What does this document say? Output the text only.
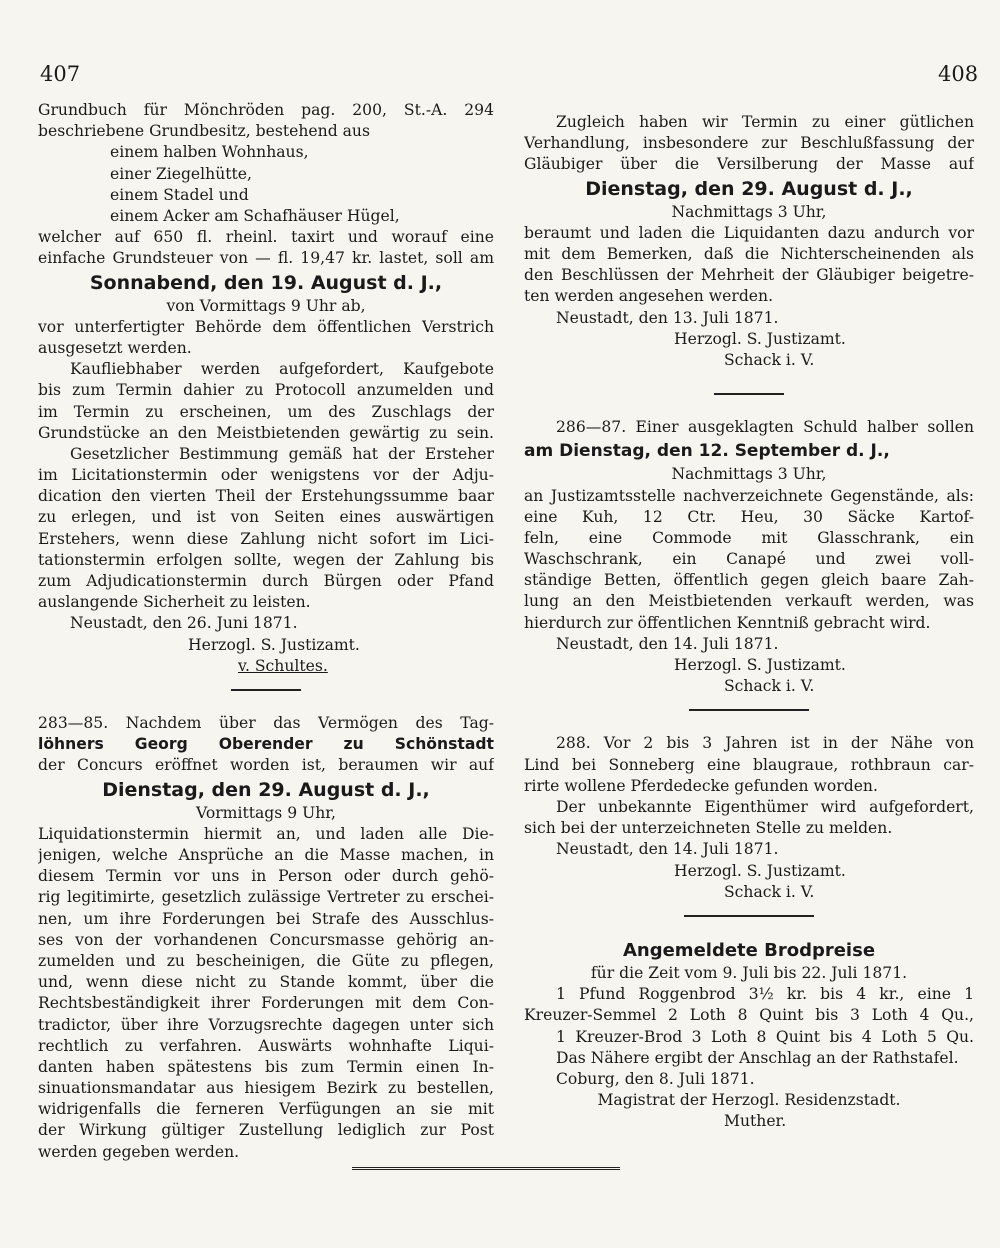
407	408
Grundbuch für Mönchröden pag. 200, St.-A. 294
beschriebene Grundbesitz, bestehend aus
einem halben Wohnhaus,
einer Ziegelhütte,
einem Stadel und
einem Acker am Schafhäuser Hügel,
welcher auf 650 fl. rheinl. taxirt und worauf eine
einfache Grundsteuer von — fl. 19,47 kr. lastet, soll am
Sonnabend, den 19. August d. J.,
von Vormittags 9 Uhr ab,
vor unterfertigter Behörde dem öffentlichen Verstrich
ausgesetzt werden.
Kaufliebhaber werden aufgefordert, Kaufgebote
bis zum Termin dahier zu Protocoll anzumelden und
im Termin zu erscheinen, um des Zuschlags der
Grundstücke an den Meistbietenden gewärtig zu sein.
Gesetzlicher Bestimmung gemäß hat der Ersteher
im Licitationstermin oder wenigstens vor der Adju-
dication den vierten Theil der Erstehungssumme baar
zu erlegen, und ist von Seiten eines auswärtigen
Erstehers, wenn diese Zahlung nicht sofort im Lici-
tationstermin erfolgen sollte, wegen der Zahlung bis
zum Adjudicationstermin durch Bürgen oder Pfand
auslangende Sicherheit zu leisten.
Neustadt, den 26. Juni 1871.
Herzogl. S. Justizamt.
v. Schultes.
283—85. Nachdem über das Vermögen des Tag-
löhners Georg Oberender zu Schönstadt
der Concurs eröffnet worden ist, beraumen wir auf
Dienstag, den 29. August d. J.,
Vormittags 9 Uhr,
Liquidationstermin hiermit an, und laden alle Die-
jenigen, welche Ansprüche an die Masse machen, in
diesem Termin vor uns in Person oder durch gehö-
rig legitimirte, gesetzlich zulässige Vertreter zu erschei-
nen, um ihre Forderungen bei Strafe des Ausschlus-
ses von der vorhandenen Concursmasse gehörig an-
zumelden und zu bescheinigen, die Güte zu pflegen,
und, wenn diese nicht zu Stande kommt, über die
Rechtsbeständigkeit ihrer Forderungen mit dem Con-
tradictor, über ihre Vorzugsrechte dagegen unter sich
rechtlich zu verfahren. Auswärts wohnhafte Liqui-
danten haben spätestens bis zum Termin einen In-
sinuationsmandatar aus hiesigem Bezirk zu bestellen,
widrigenfalls die ferneren Verfügungen an sie mit
der Wirkung gültiger Zustellung lediglich zur Post
werden gegeben werden.
Zugleich haben wir Termin zu einer gütlichen
Verhandlung, insbesondere zur Beschlußfassung der
Gläubiger über die Versilberung der Masse auf
Dienstag, den 29. August d. J.,
Nachmittags 3 Uhr,
beraumt und laden die Liquidanten dazu andurch vor
mit dem Bemerken, daß die Nichterscheinenden als
den Beschlüssen der Mehrheit der Gläubiger beigetre-
ten werden angesehen werden.
Neustadt, den 13. Juli 1871.
Herzogl. S. Justizamt.
Schack i. V.
286—87. Einer ausgeklagten Schuld halber sollen
am Dienstag, den 12. September d. J.,
Nachmittags 3 Uhr,
an Justizamtsstelle nachverzeichnete Gegenstände, als:
eine Kuh, 12 Ctr. Heu, 30 Säcke Kartof-
feln, eine Commode mit Glasschrank, ein
Waschschrank, ein Canapé und zwei voll-
ständige Betten, öffentlich gegen gleich baare Zah-
lung an den Meistbietenden verkauft werden, was
hierdurch zur öffentlichen Kenntniß gebracht wird.
Neustadt, den 14. Juli 1871.
Herzogl. S. Justizamt.
Schack i. V.
288. Vor 2 bis 3 Jahren ist in der Nähe von
Lind bei Sonneberg eine blaugraue, rothbraun car-
rirte wollene Pferdedecke gefunden worden.
Der unbekannte Eigenthümer wird aufgefordert,
sich bei der unterzeichneten Stelle zu melden.
Neustadt, den 14. Juli 1871.
Herzogl. S. Justizamt.
Schack i. V.
Angemeldete Brodpreise
für die Zeit vom 9. Juli bis 22. Juli 1871.
1 Pfund Roggenbrod 3½ kr. bis 4 kr., eine 1
Kreuzer-Semmel 2 Loth 8 Quint bis 3 Loth 4 Qu.,
1 Kreuzer-Brod 3 Loth 8 Quint bis 4 Loth 5 Qu.
Das Nähere ergibt der Anschlag an der Rathstafel.
Coburg, den 8. Juli 1871.
Magistrat der Herzogl. Residenzstadt.
Muther.
